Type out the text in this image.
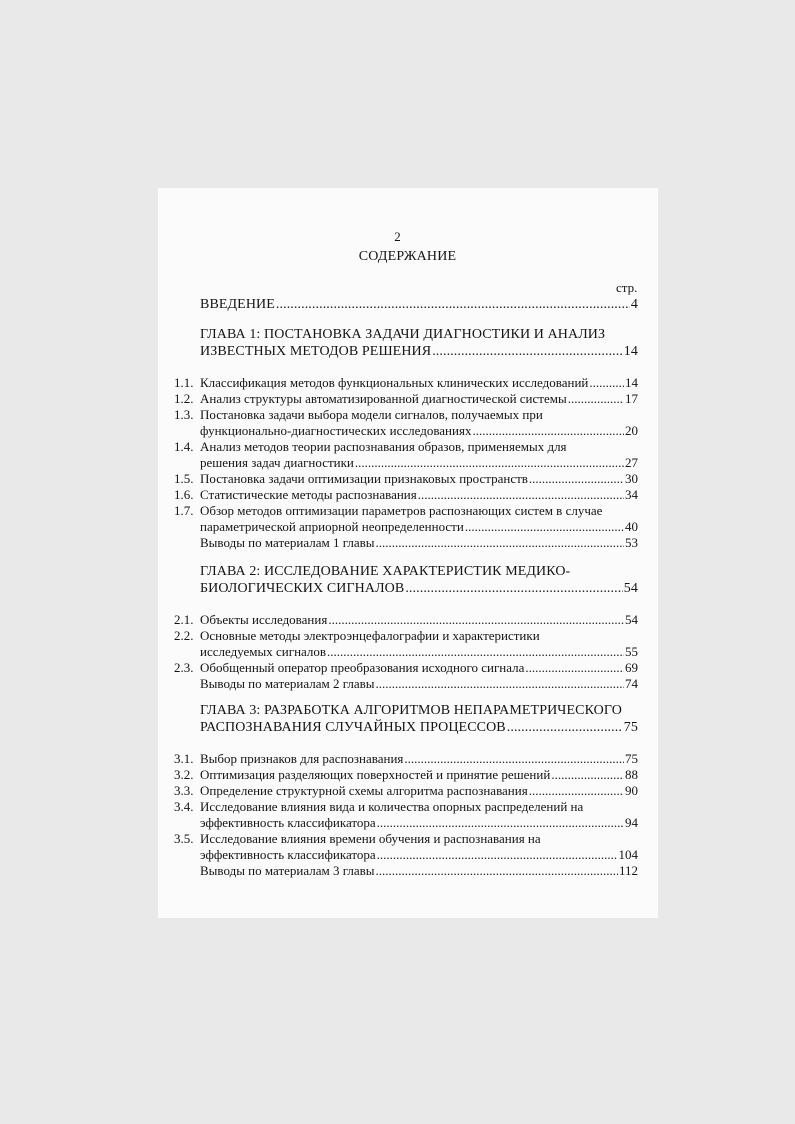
2
СОДЕРЖАНИЕ
стр.
ВВЕДЕНИЕ .....	4
ГЛАВА 1: ПОСТАНОВКА ЗАДАЧИ ДИАГНОСТИКИ И АНАЛИЗ
ИЗВЕСТНЫХ МЕТОДОВ РЕШЕНИЯ .....	14
1.1. Классификация методов функциональных клинических исследований .....	14
1.2. Анализ структуры автоматизированной диагностической системы .....	17
1.3. Постановка задачи выбора модели сигналов, получаемых при
функционально-диагностических исследованиях .....	20
1.4. Анализ методов теории распознавания образов, применяемых для
решения задач диагностики .....	27
1.5. Постановка задачи оптимизации признаковых пространств .....	30
1.6. Статистические методы распознавания .....	34
1.7. Обзор методов оптимизации параметров распознающих систем в случае
параметрической априорной неопределенности .....	40
Выводы по материалам 1 главы .....	53
ГЛАВА 2: ИССЛЕДОВАНИЕ ХАРАКТЕРИСТИК МЕДИКО-
БИОЛОГИЧЕСКИХ СИГНАЛОВ .....	54
2.1. Объекты исследования .....	54
2.2. Основные методы электроэнцефалографии и характеристики
исследуемых сигналов .....	55
2.3. Обобщенный оператор преобразования исходного сигнала .....	69
Выводы по материалам 2 главы .....	74
ГЛАВА 3: РАЗРАБОТКА АЛГОРИТМОВ НЕПАРАМЕТРИЧЕСКОГО
РАСПОЗНАВАНИЯ СЛУЧАЙНЫХ ПРОЦЕССОВ .....	75
3.1. Выбор признаков для распознавания .....	75
3.2. Оптимизация разделяющих поверхностей и принятие решений .....	88
3.3. Определение структурной схемы алгоритма распознавания .....	90
3.4. Исследование влияния вида и количества опорных распределений на
эффективность классификатора .....	94
3.5. Исследование влияния времени обучения и распознавания на
эффективность классификатора .....	104
Выводы по материалам 3 главы .....	112
